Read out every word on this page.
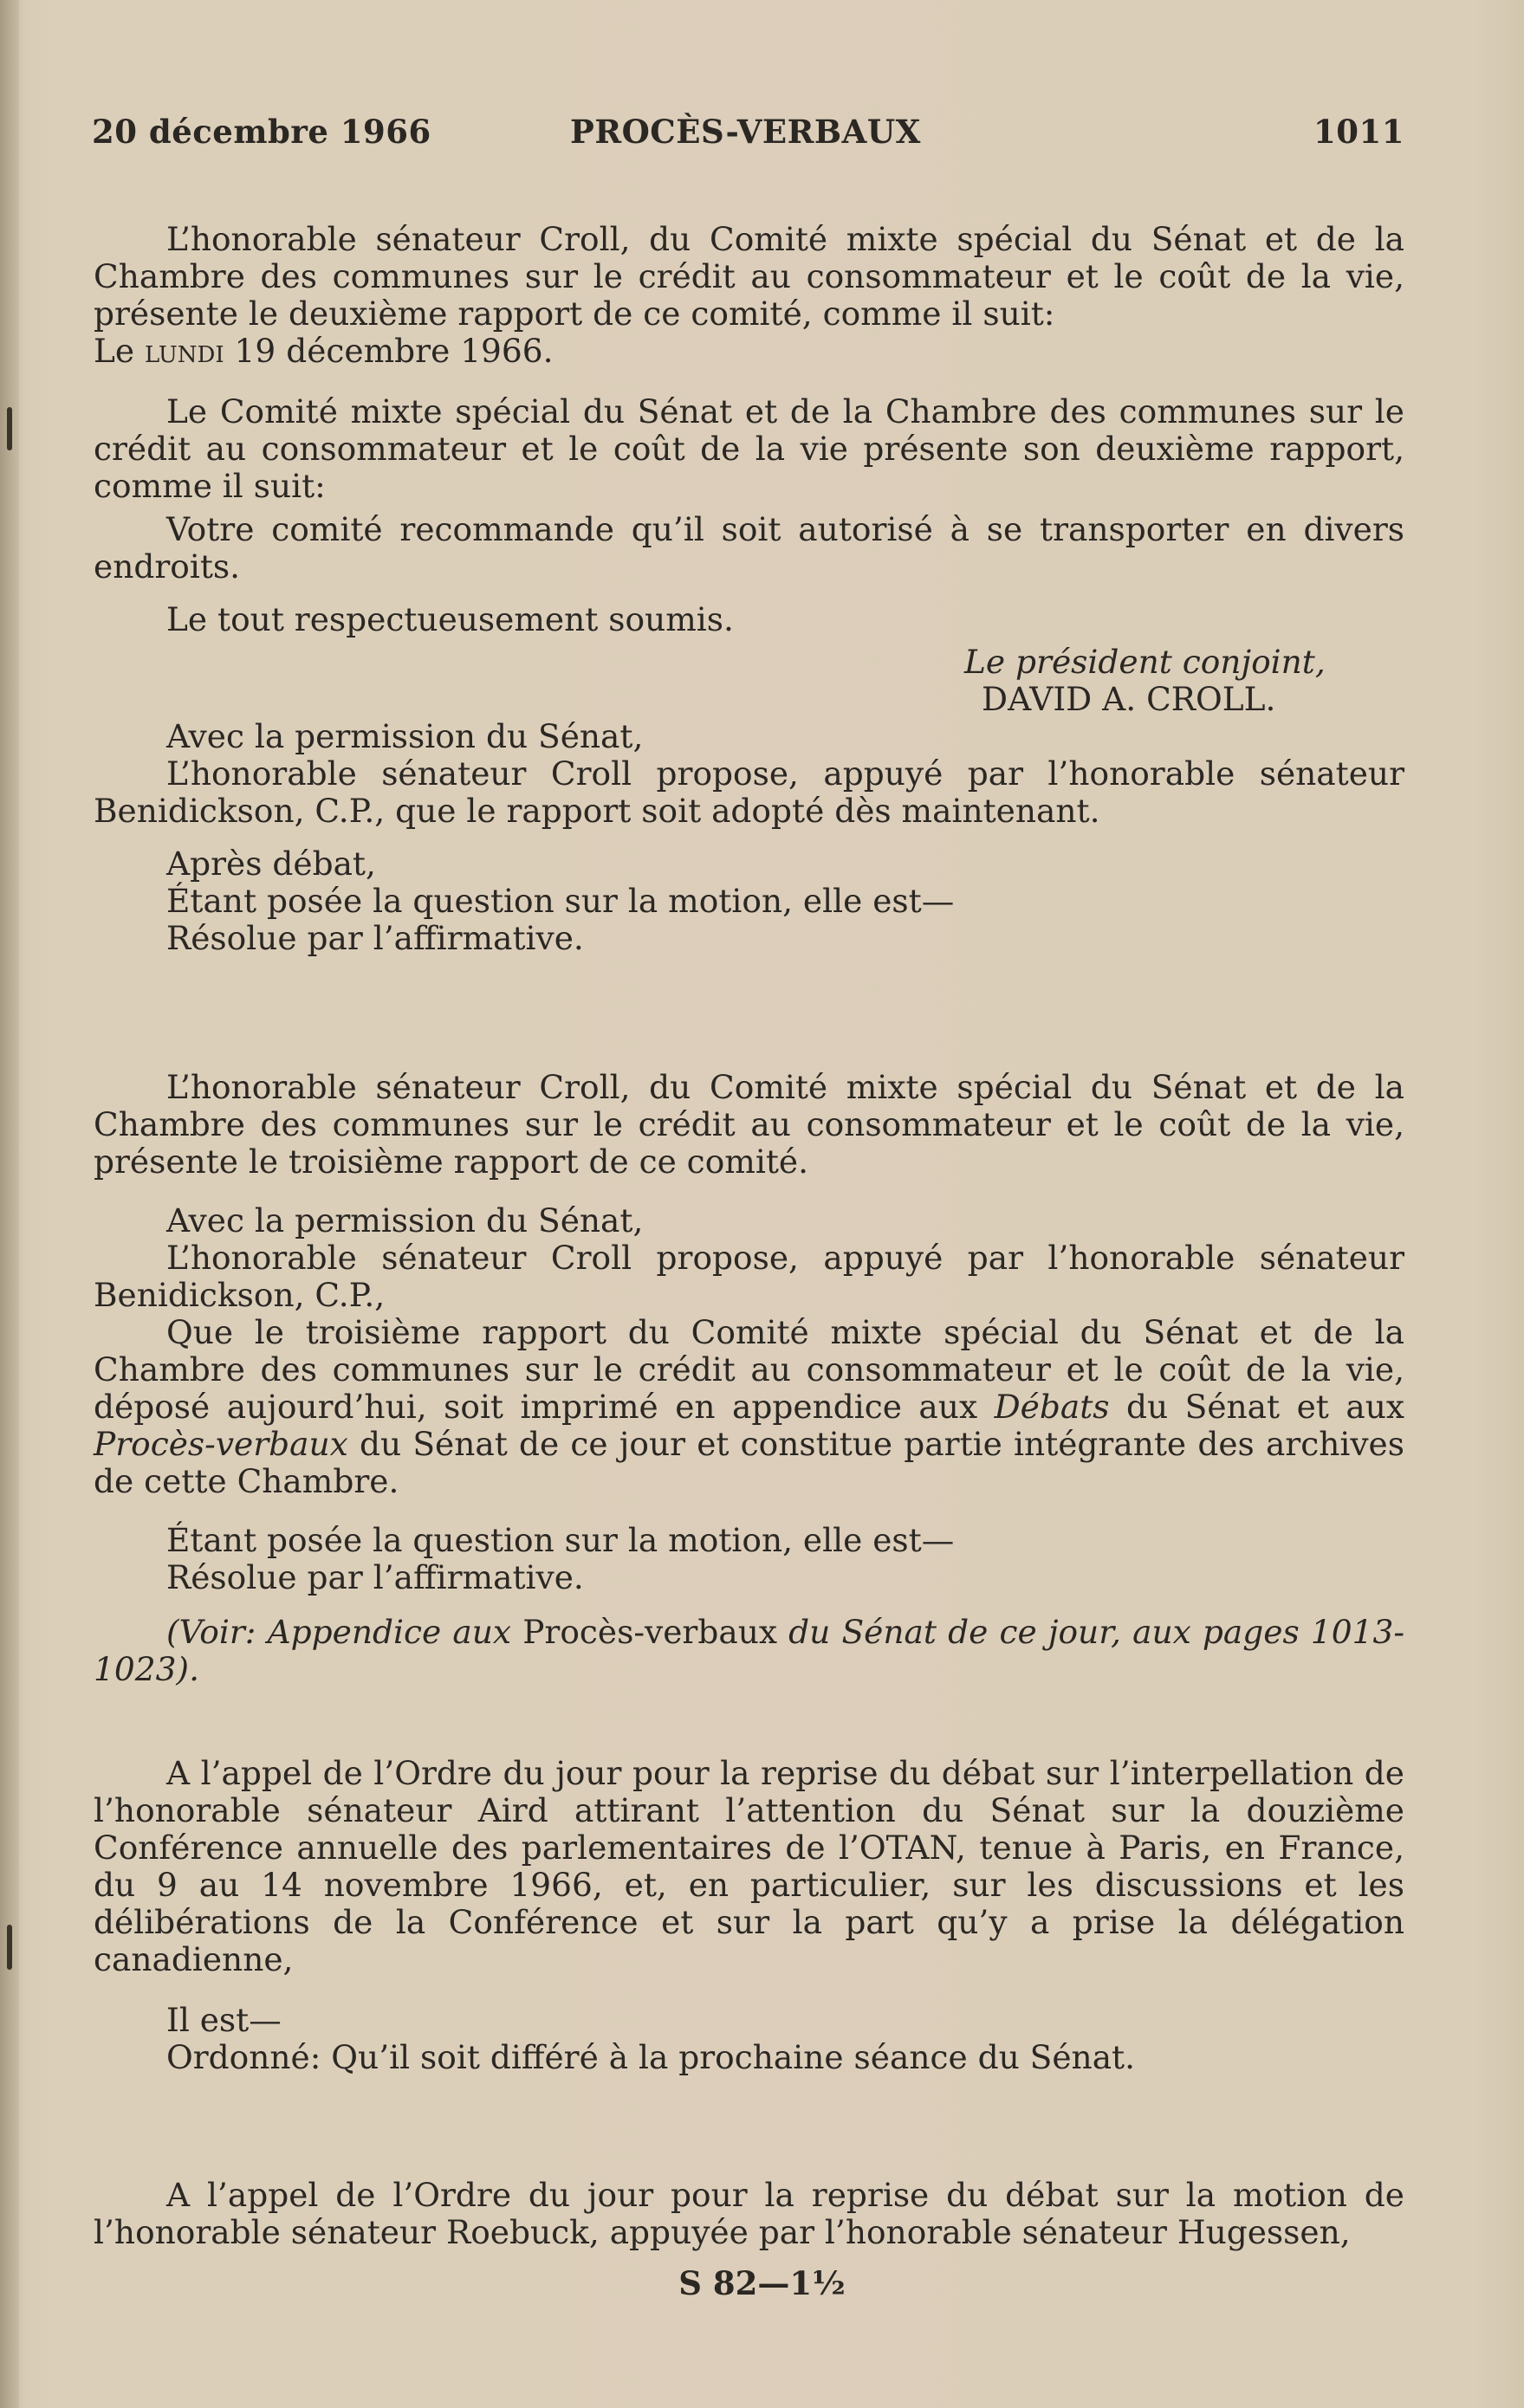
20 décembre 1966	PROCÈS-VERBAUX	1011
L’honorable sénateur Croll, du Comité mixte spécial du Sénat et de la Chambre des communes sur le crédit au consommateur et le coût de la vie, présente le deuxième rapport de ce comité, comme il suit:
Le lundi 19 décembre 1966.
Le Comité mixte spécial du Sénat et de la Chambre des communes sur le crédit au consommateur et le coût de la vie présente son deuxième rapport, comme il suit:
Votre comité recommande qu’il soit autorisé à se transporter en divers endroits.
Le tout respectueusement soumis.
Le président conjoint,
DAVID A. CROLL.
Avec la permission du Sénat,
L’honorable sénateur Croll propose, appuyé par l’honorable sénateur Benidickson, C.P., que le rapport soit adopté dès maintenant.
Après débat,
Étant posée la question sur la motion, elle est—
Résolue par l’affirmative.
L’honorable sénateur Croll, du Comité mixte spécial du Sénat et de la Chambre des communes sur le crédit au consommateur et le coût de la vie, présente le troisième rapport de ce comité.
Avec la permission du Sénat,
L’honorable sénateur Croll propose, appuyé par l’honorable sénateur Benidickson, C.P.,
Que le troisième rapport du Comité mixte spécial du Sénat et de la Chambre des communes sur le crédit au consommateur et le coût de la vie, déposé aujourd’hui, soit imprimé en appendice aux Débats du Sénat et aux Procès-verbaux du Sénat de ce jour et constitue partie intégrante des archives de cette Chambre.
Étant posée la question sur la motion, elle est—
Résolue par l’affirmative.
(Voir: Appendice aux Procès-verbaux du Sénat de ce jour, aux pages 1013-1023).
A l’appel de l’Ordre du jour pour la reprise du débat sur l’interpellation de l’honorable sénateur Aird attirant l’attention du Sénat sur la douzième Conférence annuelle des parlementaires de l’OTAN, tenue à Paris, en France, du 9 au 14 novembre 1966, et, en particulier, sur les discussions et les délibérations de la Conférence et sur la part qu’y a prise la délégation canadienne,
Il est—
Ordonné: Qu’il soit différé à la prochaine séance du Sénat.
A l’appel de l’Ordre du jour pour la reprise du débat sur la motion de l’honorable sénateur Roebuck, appuyée par l’honorable sénateur Hugessen,
S 82—1½
